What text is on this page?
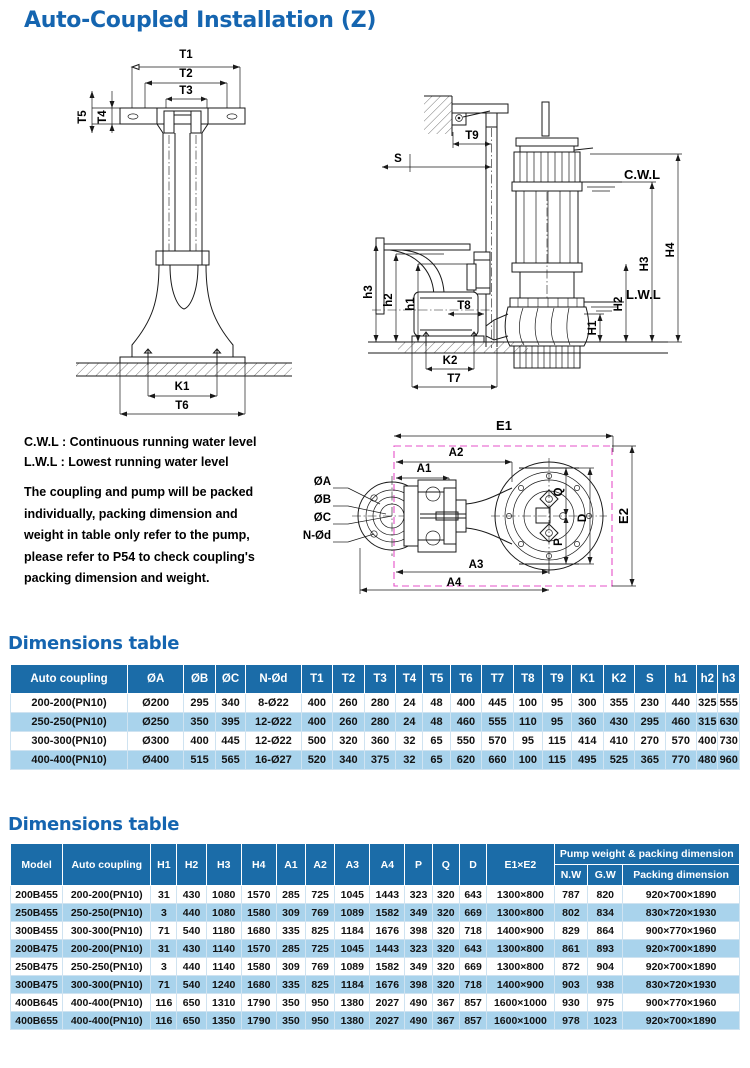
Auto-Coupled Installation (Z)
T1
T2
T3
T5 T4
K1
T6
T9
S
T8
h3
h2 h1
K2
T7
C.W.L
L.W.L
H1
H2
H3
H4
C.W.L : Continuous running water level
L.W.L : Lowest running water level
The coupling and pump will be packed
individually, packing dimension and
weight in table only refer to the pump,
please refer to P54 to check coupling's
packing dimension and weight.
E1
E2
A2
A1
Q
P
D
A3
A4
ØA
ØB
ØC
N-Ød
Dimensions table
Auto coupling	ØA	ØB	ØC	N-Ød	T1	T2	T3	T4	T5	T6	T7	T8	T9	K1	K2	S	h1	h2	h3
200-200(PN10)	Ø200	295	340	8-Ø22	400	260	280	24	48	400	445	100	95	300	355	230	440	325	555
250-250(PN10)	Ø250	350	395	12-Ø22	400	260	280	24	48	460	555	110	95	360	430	295	460	315	630
300-300(PN10)	Ø300	400	445	12-Ø22	500	320	360	32	65	550	570	95	115	414	410	270	570	400	730
400-400(PN10)	Ø400	515	565	16-Ø27	520	340	375	32	65	620	660	100	115	495	525	365	770	480	960
Dimensions table
Model	Auto coupling	H1	H2	H3	H4	A1	A2	A3	A4	P	Q	D	E1×E2	Pump weight & packing dimension		
														N.W	G.W	Packing dimension
200B455	200-200(PN10)	31	430	1080	1570	285	725	1045	1443	323	320	643	1300×800	787	820	920×700×1890
250B455	250-250(PN10)	3	440	1080	1580	309	769	1089	1582	349	320	669	1300×800	802	834	830×720×1930
300B455	300-300(PN10)	71	540	1180	1680	335	825	1184	1676	398	320	718	1400×900	829	864	900×770×1960
200B475	200-200(PN10)	31	430	1140	1570	285	725	1045	1443	323	320	643	1300×800	861	893	920×700×1890
250B475	250-250(PN10)	3	440	1140	1580	309	769	1089	1582	349	320	669	1300×800	872	904	920×700×1890
300B475	300-300(PN10)	71	540	1240	1680	335	825	1184	1676	398	320	718	1400×900	903	938	830×720×1930
400B645	400-400(PN10)	116	650	1310	1790	350	950	1380	2027	490	367	857	1600×1000	930	975	900×770×1960
400B655	400-400(PN10)	116	650	1350	1790	350	950	1380	2027	490	367	857	1600×1000	978	1023	920×700×1890
